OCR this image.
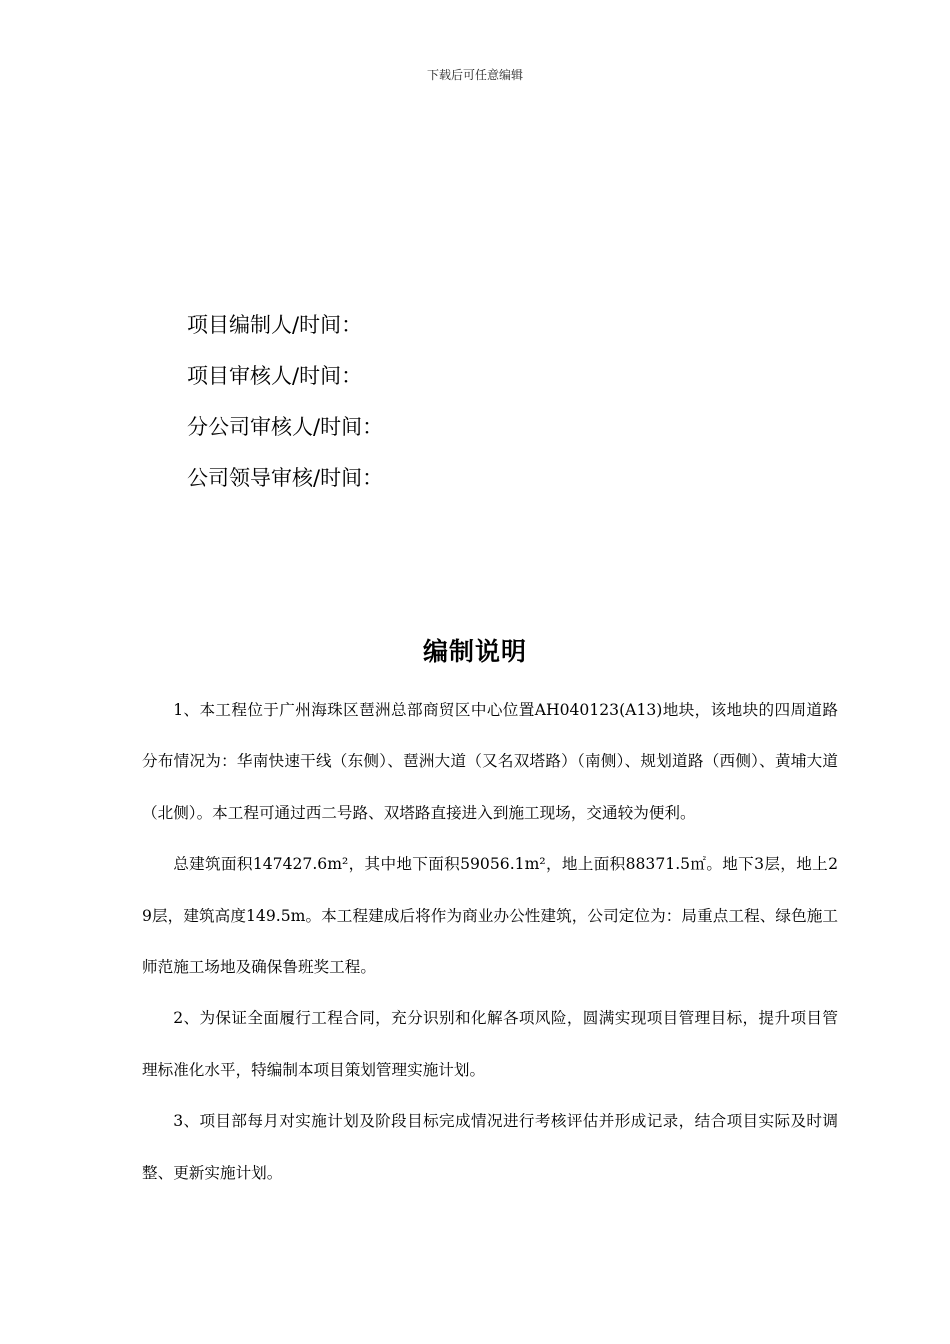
下载后可任意编辑
项目编制人/时间：
项目审核人/时间：
分公司审核人/时间：
公司领导审核/时间：
编制说明

1、本工程位于广州海珠区琶洲总部商贸区中心位置AH040123(A13)地块，该地块的四周道路分布情况为：华南快速干线（东侧）、琶洲大道（又名双塔路）（南侧）、规划道路（西侧）、黄埔大道（北侧）。本工程可通过西二号路、双塔路直接进入到施工现场，交通较为便利。

总建筑面积147427.6m²，其中地下面积59056.1m²，地上面积88371.5㎡。地下3层，地上29层，建筑高度149.5m。本工程建成后将作为商业办公性建筑，公司定位为：局重点工程、绿色施工师范施工场地及确保鲁班奖工程。

2、为保证全面履行工程合同，充分识别和化解各项风险，圆满实现项目管理目标，提升项目管理标准化水平，特编制本项目策划管理实施计划。

3、项目部每月对实施计划及阶段目标完成情况进行考核评估并形成记录，结合项目实际及时调整、更新实施计划。
